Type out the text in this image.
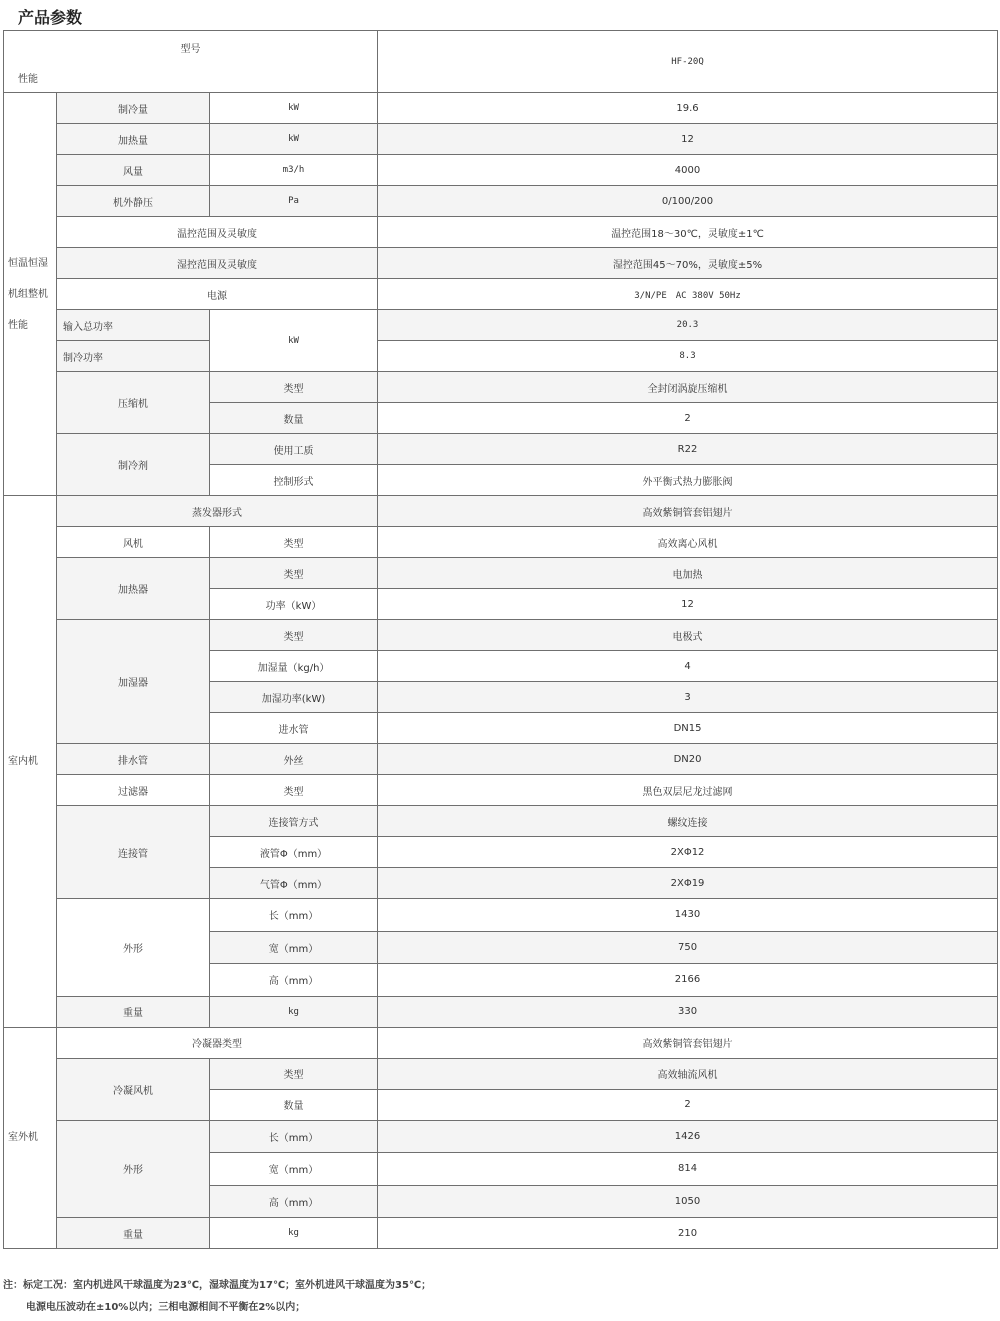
产品参数
型号
性能			HF-20Q

恒温恒湿
机组整机
性能	制冷量	kW	19.6
	加热量	kW	12
	风量	m3/h	4000
	机外静压	Pa	0/100/200
	温控范围及灵敏度		温控范围18～30℃，灵敏度±1℃
	湿控范围及灵敏度		湿控范围45～70%，灵敏度±5%
	电源		3/N/PE　AC 380V 50Hz
	输入总功率	kW	20.3
	制冷功率		8.3
	压缩机	类型	全封闭涡旋压缩机
		数量	2
	制冷剂	使用工质	R22
		控制形式	外平衡式热力膨胀阀
室内机	蒸发器形式		高效紫铜管套铝翅片
	风机	类型	高效离心风机
	加热器	类型	电加热
		功率（kW）	12
	加湿器	类型	电极式
		加湿量（kg/h）	4
		加湿功率(kW)	3
		进水管	DN15
	排水管	外丝	DN20
	过滤器	类型	黑色双层尼龙过滤网
	连接管	连接管方式	螺纹连接
		液管Φ（mm）	2XΦ12
		气管Φ（mm）	2XΦ19
	外形	长（mm）	1430
		宽（mm）	750
		高（mm）	2166
	重量	kg	330
室外机	冷凝器类型		高效紫铜管套铝翅片
	冷凝风机	类型	高效轴流风机
		数量	2
	外形	长（mm）	1426
		宽（mm）	814
		高（mm）	1050
	重量	kg	210
注：标定工况：室内机进风干球温度为23℃，湿球温度为17℃；室外机进风干球温度为35℃；
电源电压波动在±10%以内；三相电源相间不平衡在2%以内；
